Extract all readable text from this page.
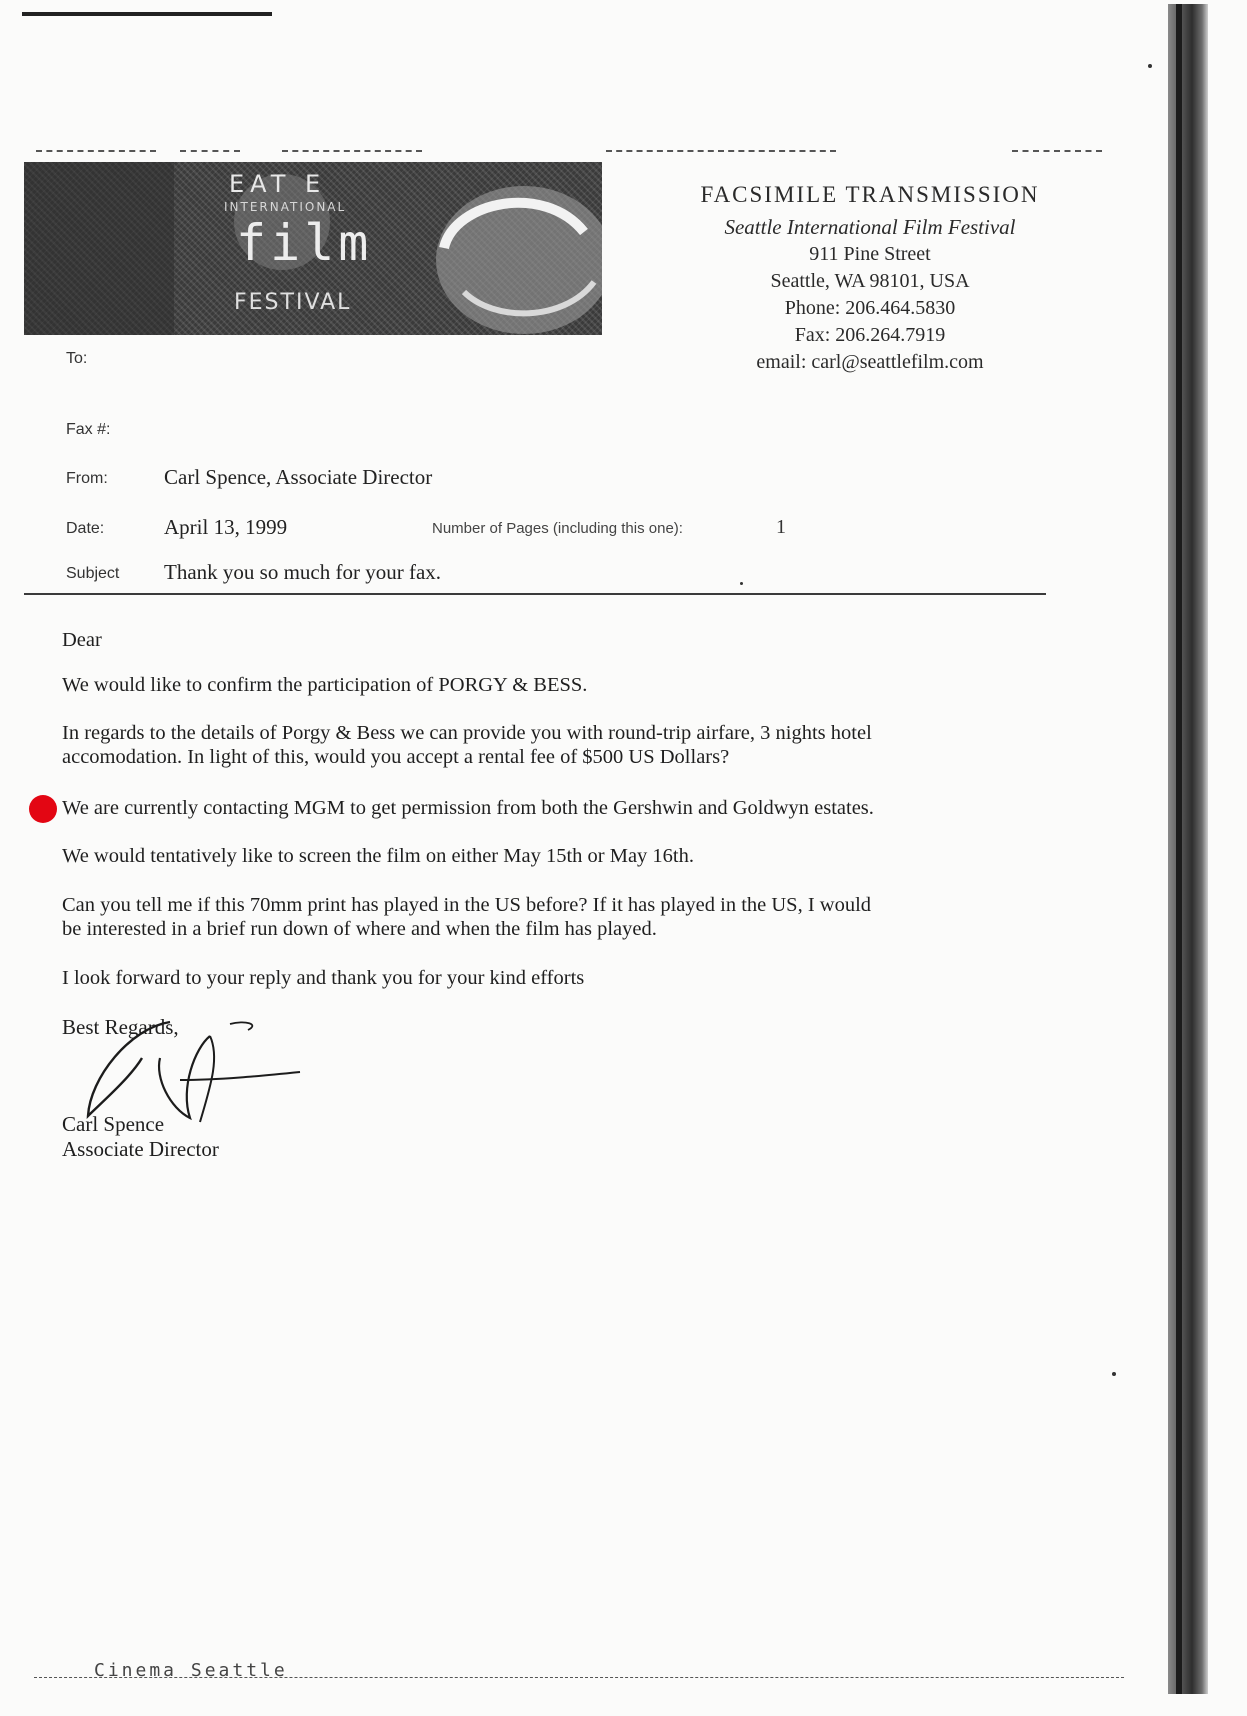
EAT E
INTERNATIONAL
film
FESTIVAL
FACSIMILE TRANSMISSION
Seattle International Film Festival
911 Pine Street
Seattle, WA 98101, USA
Phone: 206.464.5830
Fax: 206.264.7919
email: carl@seattlefilm.com
To:
Fax #:
From:	Carl Spence, Associate Director
Date:	April 13, 1999	Number of Pages (including this one):	1
Subject Thank you so much for your fax.
Dear
We would like to confirm the participation of PORGY & BESS.
In regards to the details of Porgy & Bess we can provide you with round-trip airfare, 3 nights hotel
accomodation. In light of this, would you accept a rental fee of $500 US Dollars?
We are currently contacting MGM to get permission from both the Gershwin and Goldwyn estates.
We would tentatively like to screen the film on either May 15th or May 16th.
Can you tell me if this 70mm print has played in the US before? If it has played in the US, I would
be interested in a brief run down of where and when the film has played.
I look forward to your reply and thank you for your kind efforts
Best Regards,
Carl Spence
Associate Director
Cinema Seattle
